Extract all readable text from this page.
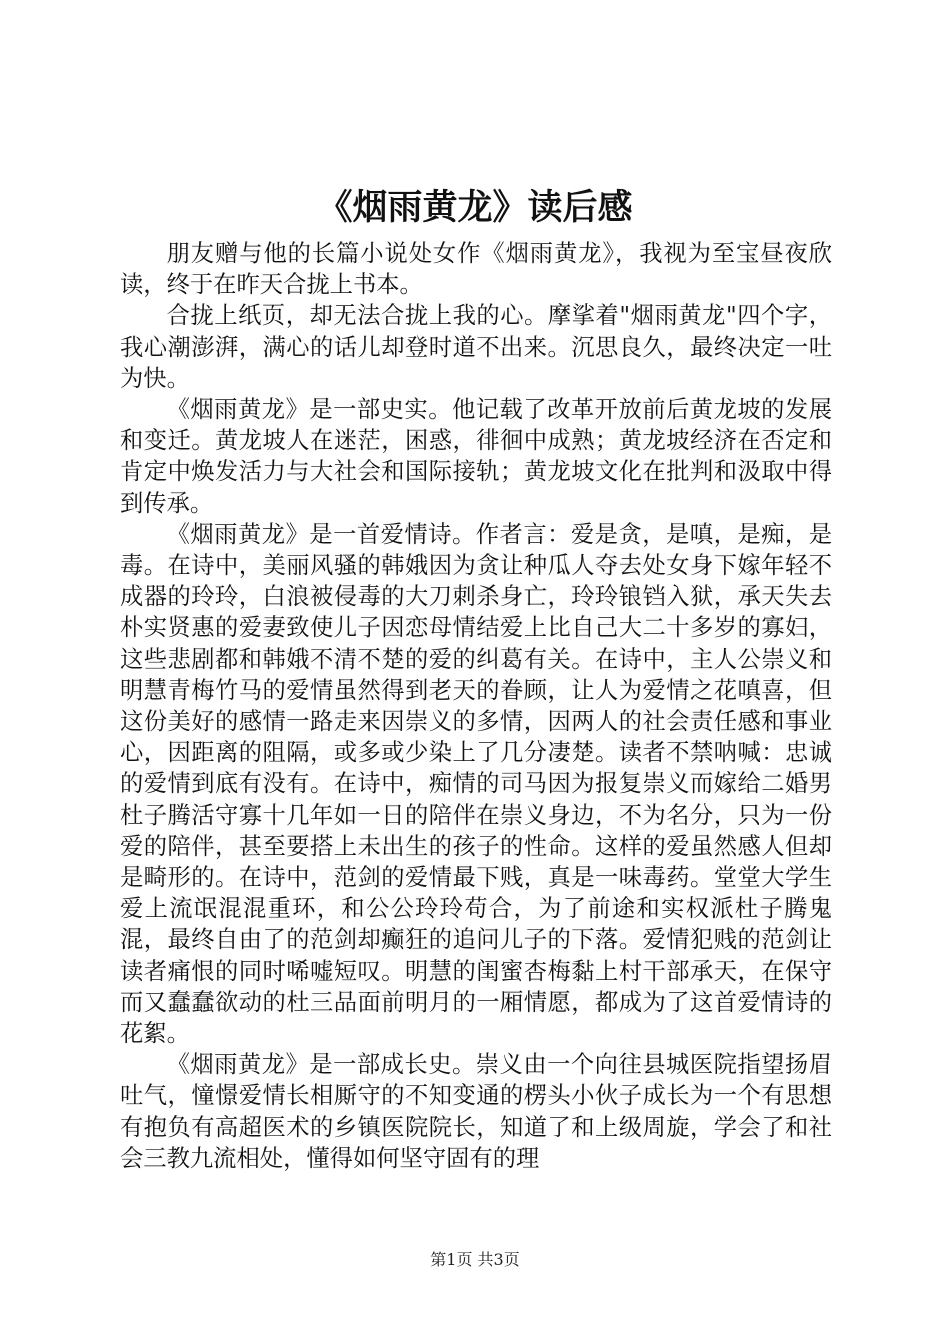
《烟雨黄龙》读后感

朋友赠与他的长篇小说处女作《烟雨黄龙》，我视为至宝昼夜欣读，终于在昨天合拢上书本。

合拢上纸页，却无法合拢上我的心。摩挲着"烟雨黄龙"四个字，我心潮澎湃，满心的话儿却登时道不出来。沉思良久，最终决定一吐为快。

《烟雨黄龙》是一部史实。他记载了改革开放前后黄龙坡的发展和变迁。黄龙坡人在迷茫，困惑，徘徊中成熟；黄龙坡经济在否定和肯定中焕发活力与大社会和国际接轨；黄龙坡文化在批判和汲取中得到传承。

《烟雨黄龙》是一首爱情诗。作者言：爱是贪，是嗔，是痴，是毒。在诗中，美丽风骚的韩娥因为贪让种瓜人夺去处女身下嫁年轻不成器的玲玲，白浪被侵毒的大刀刺杀身亡，玲玲锒铛入狱，承天失去朴实贤惠的爱妻致使儿子因恋母情结爱上比自己大二十多岁的寡妇，这些悲剧都和韩娥不清不楚的爱的纠葛有关。在诗中，主人公崇义和明慧青梅竹马的爱情虽然得到老天的眷顾，让人为爱情之花嗔喜，但这份美好的感情一路走来因崇义的多情，因两人的社会责任感和事业心，因距离的阻隔，或多或少染上了几分凄楚。读者不禁呐喊：忠诚的爱情到底有没有。在诗中，痴情的司马因为报复崇义而嫁给二婚男杜子腾活守寡十几年如一日的陪伴在崇义身边，不为名分，只为一份爱的陪伴，甚至要搭上未出生的孩子的性命。这样的爱虽然感人但却是畸形的。在诗中，范剑的爱情最下贱，真是一味毒药。堂堂大学生爱上流氓混混重环，和公公玲玲苟合，为了前途和实权派杜子腾鬼混，最终自由了的范剑却癫狂的追问儿子的下落。爱情犯贱的范剑让读者痛恨的同时唏嘘短叹。明慧的闺蜜杏梅黏上村干部承天，在保守而又蠢蠢欲动的杜三品面前明月的一厢情愿，都成为了这首爱情诗的花絮。

《烟雨黄龙》是一部成长史。崇义由一个向往县城医院指望扬眉吐气，憧憬爱情长相厮守的不知变通的楞头小伙子成长为一个有思想有抱负有高超医术的乡镇医院院长，知道了和上级周旋，学会了和社会三教九流相处，懂得如何坚守固有的理

第1页 共3页
